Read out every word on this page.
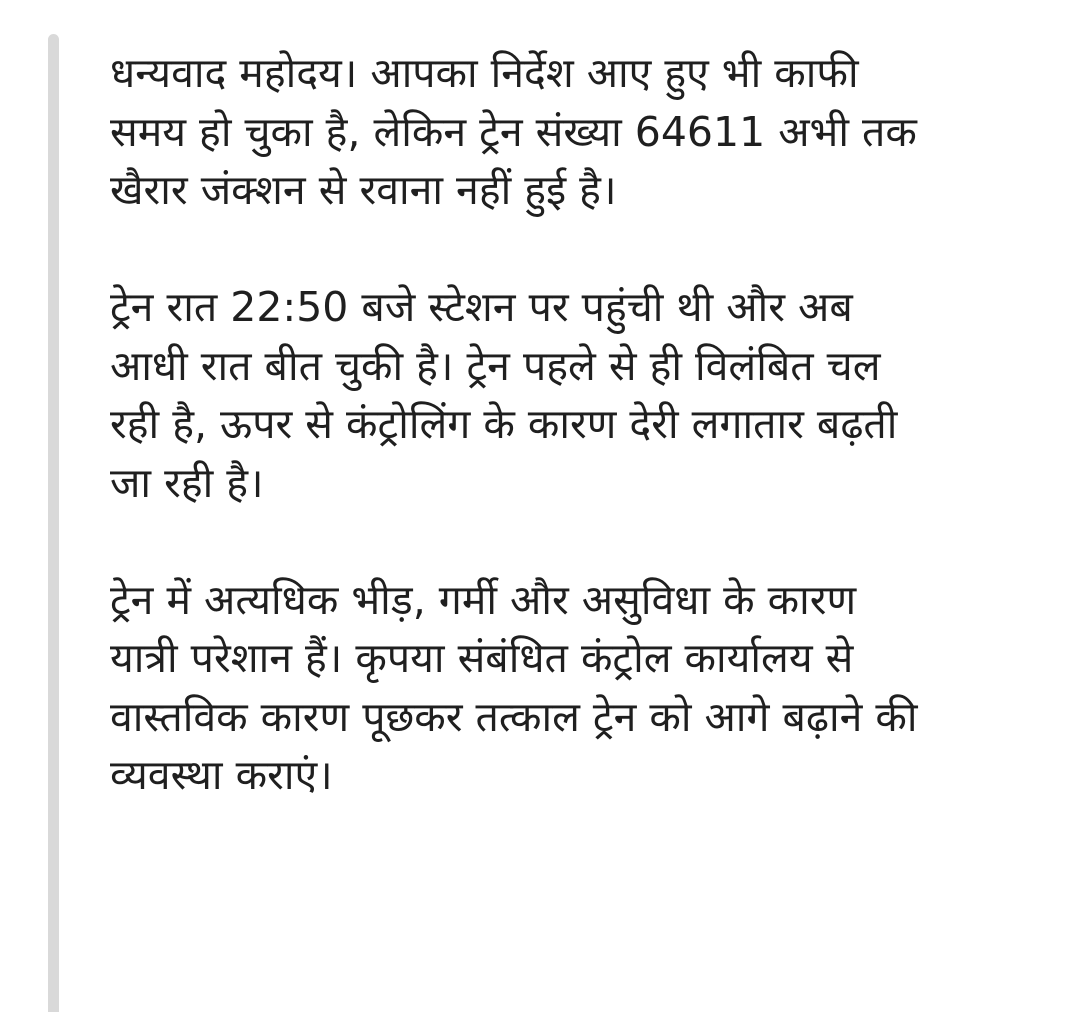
धन्यवाद महोदय। आपका निर्देश आए हुए भी काफी
समय हो चुका है, लेकिन ट्रेन संख्या 64611 अभी तक
खैरार जंक्शन से रवाना नहीं हुई है।

ट्रेन रात 22:50 बजे स्टेशन पर पहुंची थी और अब
आधी रात बीत चुकी है। ट्रेन पहले से ही विलंबित चल
रही है, ऊपर से कंट्रोलिंग के कारण देरी लगातार बढ़ती
जा रही है।

ट्रेन में अत्यधिक भीड़, गर्मी और असुविधा के कारण
यात्री परेशान हैं। कृपया संबंधित कंट्रोल कार्यालय से
वास्तविक कारण पूछकर तत्काल ट्रेन को आगे बढ़ाने की
व्यवस्था कराएं।
